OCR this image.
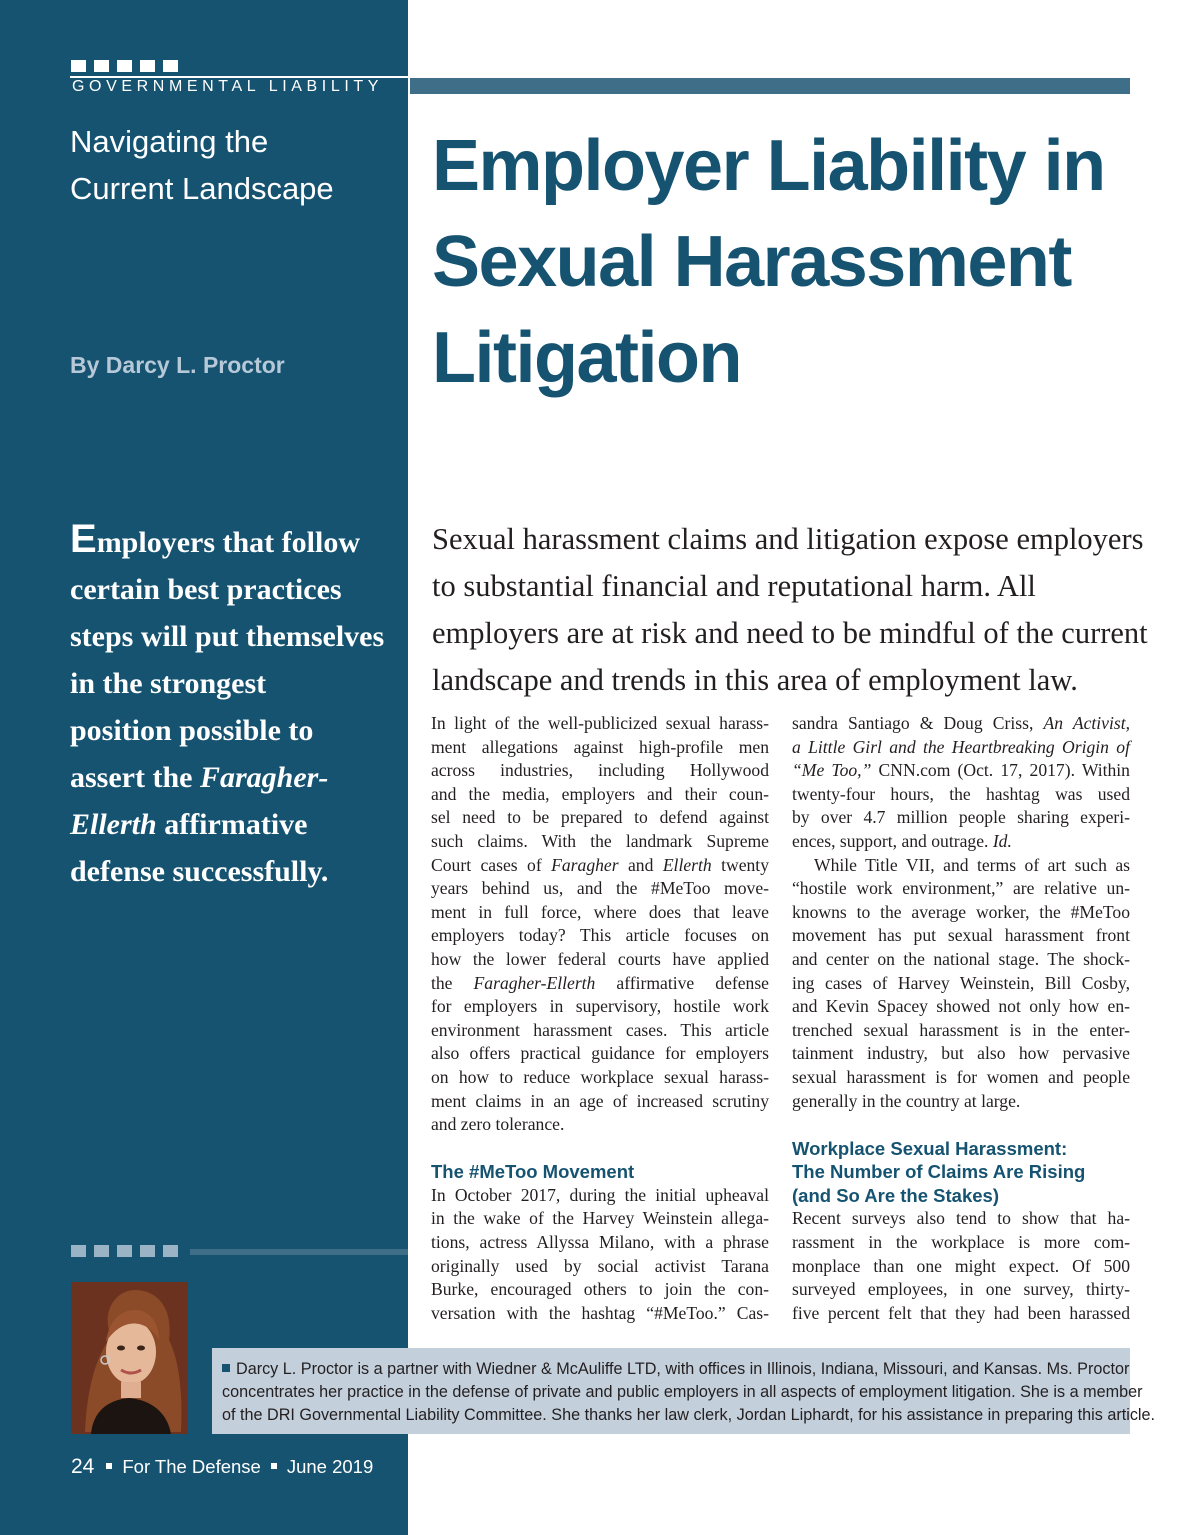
GOVERNMENTAL LIABILITY
Navigating the
Current Landscape
By Darcy L. Proctor
Employer Liability in
Sexual Harassment
Litigation
Employers that follow
certain best practices
steps will put themselves
in the strongest
position possible to
assert the Faragher-
Ellerth affirmative
defense successfully.
Sexual harassment claims and litigation expose employers
to substantial financial and reputational harm. All
employers are at risk and need to be mindful of the current
landscape and trends in this area of employment law.
In light of the well-publicized sexual harass-
ment allegations against high-profile men
across industries, including Hollywood
and the media, employers and their coun-
sel need to be prepared to defend against
such claims. With the landmark Supreme
Court cases of Faragher and Ellerth twenty
years behind us, and the #MeToo move-
ment in full force, where does that leave
employers today? This article focuses on
how the lower federal courts have applied
the Faragher-Ellerth affirmative defense
for employers in supervisory, hostile work
environment harassment cases. This article
also offers practical guidance for employers
on how to reduce workplace sexual harass-
ment claims in an age of increased scrutiny
and zero tolerance.
The #MeToo Movement
In October 2017, during the initial upheaval
in the wake of the Harvey Weinstein allega-
tions, actress Allyssa Milano, with a phrase
originally used by social activist Tarana
Burke, encouraged others to join the con-
versation with the hashtag “#MeToo.” Cas-
sandra Santiago & Doug Criss, An Activist,
a Little Girl and the Heartbreaking Origin of
“Me Too,” CNN.com (Oct. 17, 2017). Within
twenty-four hours, the hashtag was used
by over 4.7 million people sharing experi-
ences, support, and outrage. Id.
While Title VII, and terms of art such as
“hostile work environment,” are relative un-
knowns to the average worker, the #MeToo
movement has put sexual harassment front
and center on the national stage. The shock-
ing cases of Harvey Weinstein, Bill Cosby,
and Kevin Spacey showed not only how en-
trenched sexual harassment is in the enter-
tainment industry, but also how pervasive
sexual harassment is for women and people
generally in the country at large.
Workplace Sexual Harassment:
The Number of Claims Are Rising
(and So Are the Stakes)
Recent surveys also tend to show that ha-
rassment in the workplace is more com-
monplace than one might expect. Of 500
surveyed employees, in one survey, thirty-
five percent felt that they had been harassed
Darcy L. Proctor is a partner with Wiedner & McAuliffe LTD, with offices in Illinois, Indiana, Missouri, and Kansas. Ms. Proctor
concentrates her practice in the defense of private and public employers in all aspects of employment litigation. She is a member
of the DRI Governmental Liability Committee. She thanks her law clerk, Jordan Liphardt, for his assistance in preparing this article.
24 For The Defense June 2019
